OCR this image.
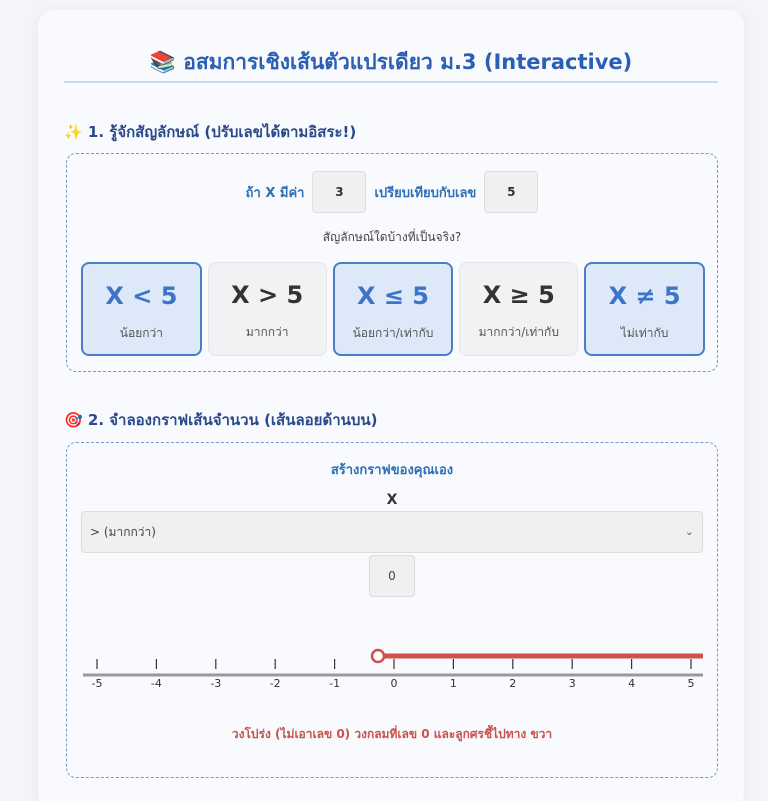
📚 อสมการเชิงเส้นตัวแปรเดียว ม.3 (Interactive)
✨ 1. รู้จักสัญลักษณ์ (ปรับเลขได้ตามอิสระ!)
ถ้า X มีค่า
3	เปรียบเทียบกับเลข
5
สัญลักษณ์ใดบ้างที่เป็นจริง?
X < 5
น้อยกว่า
X > 5
มากกว่า
X ≤ 5
น้อยกว่า/เท่ากับ
X ≥ 5
มากกว่า/เท่ากับ
X ≠ 5
ไม่เท่ากับ
🎯 2. จำลองกราฟเส้นจำนวน (เส้นลอยด้านบน)
สร้างกราฟของคุณเอง
X
> (มากกว่า)	⌄
0
-5	-4	-3	-2	-1	0	1	2	3	4	5
วงโปร่ง (ไม่เอาเลข 0) วงกลมที่เลข 0 และลูกศรชี้ไปทาง ขวา
